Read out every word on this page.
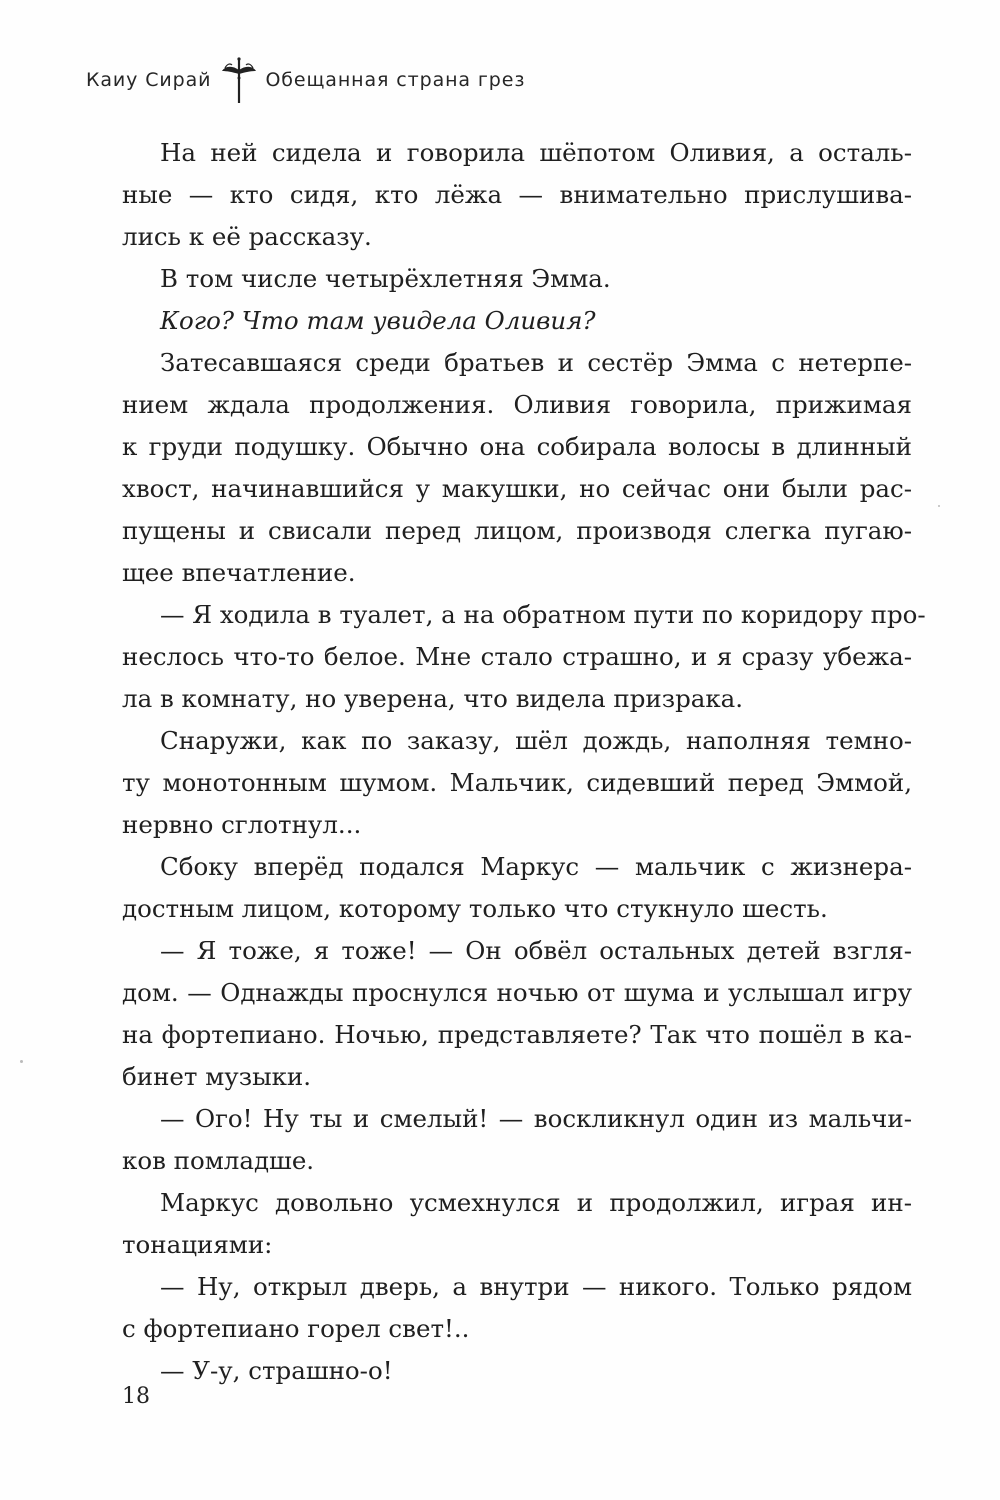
Каиу Сирай	Обещанная страна грез
На ней сидела и говорила шёпотом Оливия, а осталь-
ные — кто сидя, кто лёжа — внимательно прислушива-
лись к её рассказу.
В том числе четырёхлетняя Эмма.
Кого? Что там увидела Оливия?
Затесавшаяся среди братьев и сестёр Эмма с нетерпе-
нием ждала продолжения. Оливия говорила, прижимая
к груди подушку. Обычно она собирала волосы в длинный
хвост, начинавшийся у макушки, но сейчас они были рас-
пущены и свисали перед лицом, производя слегка пугаю-
щее впечатление.
— Я ходила в туалет, а на обратном пути по коридору про-
неслось что-то белое. Мне стало страшно, и я сразу убежа-
ла в комнату, но уверена, что видела призрака.
Снаружи, как по заказу, шёл дождь, наполняя темно-
ту монотонным шумом. Мальчик, сидевший перед Эммой,
нервно сглотнул...
Сбоку вперёд подался Маркус — мальчик с жизнера-
достным лицом, которому только что стукнуло шесть.
— Я тоже, я тоже! — Он обвёл остальных детей взгля-
дом. — Однажды проснулся ночью от шума и услышал игру
на фортепиано. Ночью, представляете? Так что пошёл в ка-
бинет музыки.
— Ого! Ну ты и смелый! — воскликнул один из мальчи-
ков помладше.
Маркус довольно усмехнулся и продолжил, играя ин-
тонациями:
— Ну, открыл дверь, а внутри — никого. Только рядом
с фортепиано горел свет!..
— У-у, страшно-о!
18
